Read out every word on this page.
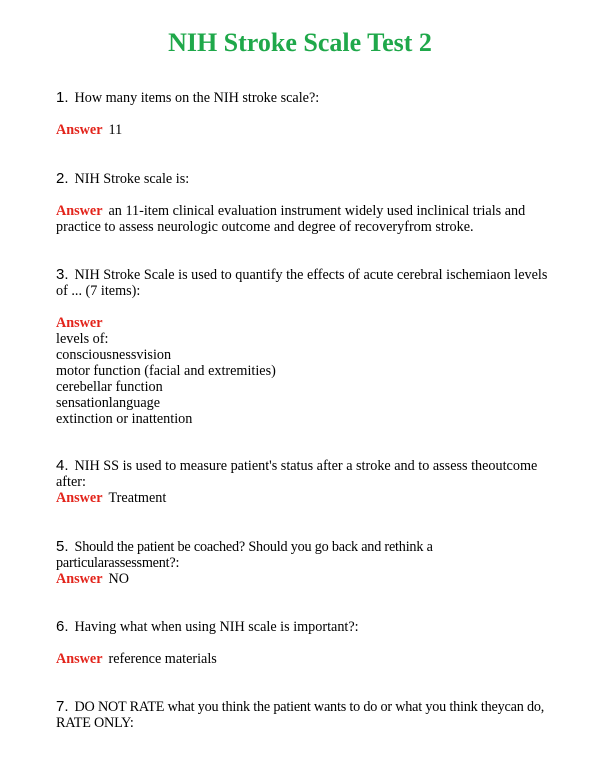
NIH Stroke Scale Test 2
1. How many items on the NIH stroke scale?:
Answer 11
2. NIH Stroke scale is:
Answer an 11-item clinical evaluation instrument widely used inclinical trials and practice to assess neurologic outcome and degree of recoveryfrom stroke.
3. NIH Stroke Scale is used to quantify the effects of acute cerebral ischemiaon levels of ... (7 items):
Answer
levels of:
consciousnessvision
motor function (facial and extremities)
cerebellar function
sensationlanguage
extinction or inattention
4. NIH SS is used to measure patient's status after a stroke and to assess theoutcome after:
Answer Treatment
5. Should the patient be coached? Should you go back and rethink a particularassessment?:
Answer NO
6. Having what when using NIH scale is important?:
Answer reference materials
7. DO NOT RATE what you think the patient wants to do or what you think theycan do, RATE ONLY:
